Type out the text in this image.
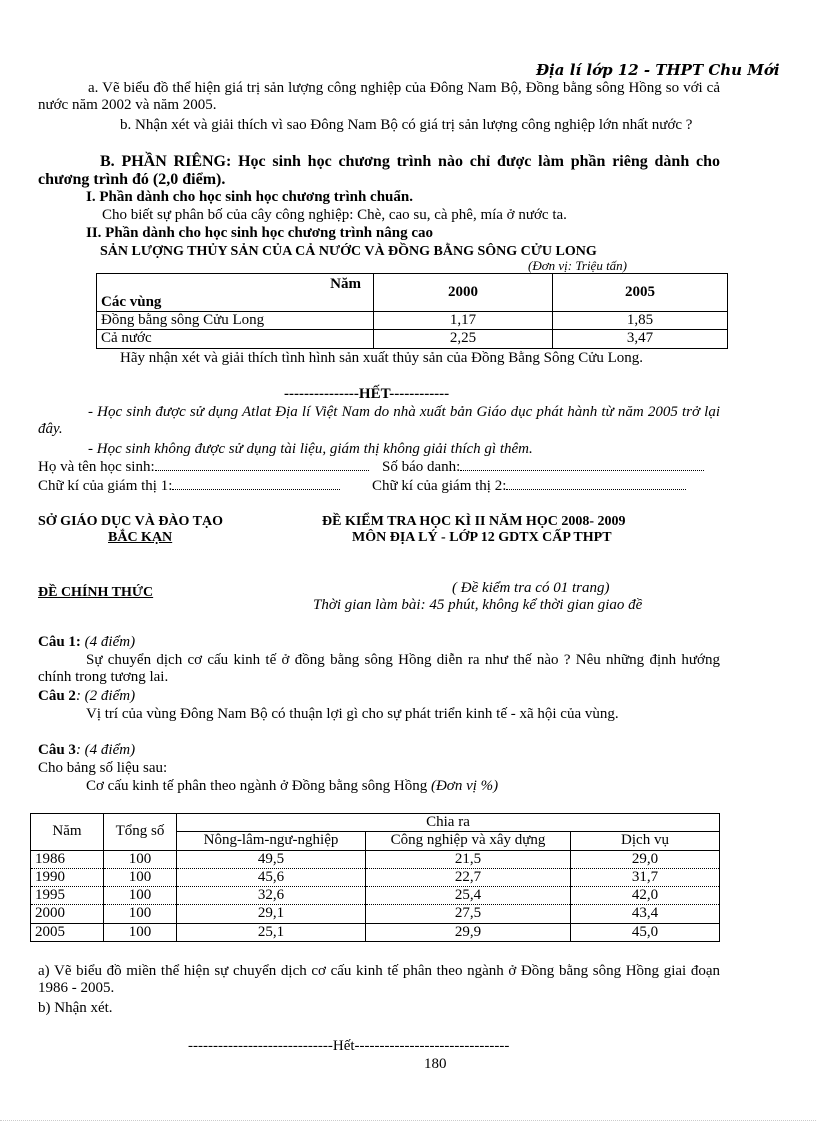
Địa lí lớp 12 - THPT Chu Mới
a. Vẽ biểu đồ thể hiện giá trị sản lượng công nghiệp của Đông Nam Bộ, Đồng bằng sông Hồng so với cả nước năm 2002 và năm 2005.
b. Nhận xét và giải thích vì sao Đông Nam Bộ có giá trị sản lượng công nghiệp lớn nhất nước ?
B. PHẦN RIÊNG: Học sinh học chương trình nào chỉ được làm phần riêng dành cho chương trình đó (2,0 điểm).
I. Phần dành cho học sinh học chương trình chuẩn.
Cho biết sự phân bố của cây công nghiệp: Chè, cao su, cà phê, mía ở nước ta.
II. Phần dành cho học sinh học chương trình nâng cao
SẢN LƯỢNG THỦY SẢN CỦA CẢ NƯỚC VÀ ĐỒNG BẰNG SÔNG CỬU LONG
(Đơn vị: Triệu tấn)
Năm
Các vùng	2000	2005
Đồng bằng sông Cửu Long	1,17	1,85
Cả nước	2,25	3,47
Hãy nhận xét và giải thích tình hình sản xuất thủy sản của Đồng Bằng Sông Cửu Long.
---------------HẾT------------
- Học sinh được sử dụng Atlat Địa lí Việt Nam do nhà xuất bản Giáo dục phát hành từ năm 2005 trở lại đây.
- Học sinh không được sử dụng tài liệu, giám thị không giải thích gì thêm.
Họ và tên học sinh:	Số báo danh:
Chữ kí của giám thị 1:	Chữ kí của giám thị 2:
SỞ GIÁO DỤC VÀ ĐÀO TẠO
BẮC KẠN
ĐỀ KIỂM TRA HỌC KÌ II NĂM HỌC 2008- 2009
MÔN ĐỊA LÝ - LỚP 12 GDTX CẤP THPT
ĐỀ CHÍNH THỨC	( Đề kiểm tra có 01 trang)
Thời gian làm bài: 45 phút, không kể thời gian giao đề
Câu 1: (4 điểm)
Sự chuyển dịch cơ cấu kinh tế ở đồng bằng sông Hồng diễn ra như thế nào ? Nêu những định hướng chính trong tương lai.
Câu 2: (2 điểm)
Vị trí của vùng Đông Nam Bộ có thuận lợi gì cho sự phát triển kinh tế - xã hội của vùng.
Câu 3: (4 điểm)
Cho bảng số liệu sau:
Cơ cấu kinh tế phân theo ngành ở Đồng bằng sông Hồng (Đơn vị %)
Năm	Tổng số	Chia ra		
		Nông-lâm-ngư-nghiệp	Công nghiệp và xây dựng	Dịch vụ
1986	100	49,5	21,5	29,0
1990	100	45,6	22,7	31,7
1995	100	32,6	25,4	42,0
2000	100	29,1	27,5	43,4
2005	100	25,1	29,9	45,0
a) Vẽ biểu đồ miền thể hiện sự chuyển dịch cơ cấu kinh tế phân theo ngành ở Đồng bằng sông Hồng giai đoạn 1986 - 2005.
b) Nhận xét.
-----------------------------Hết-------------------------------
180
